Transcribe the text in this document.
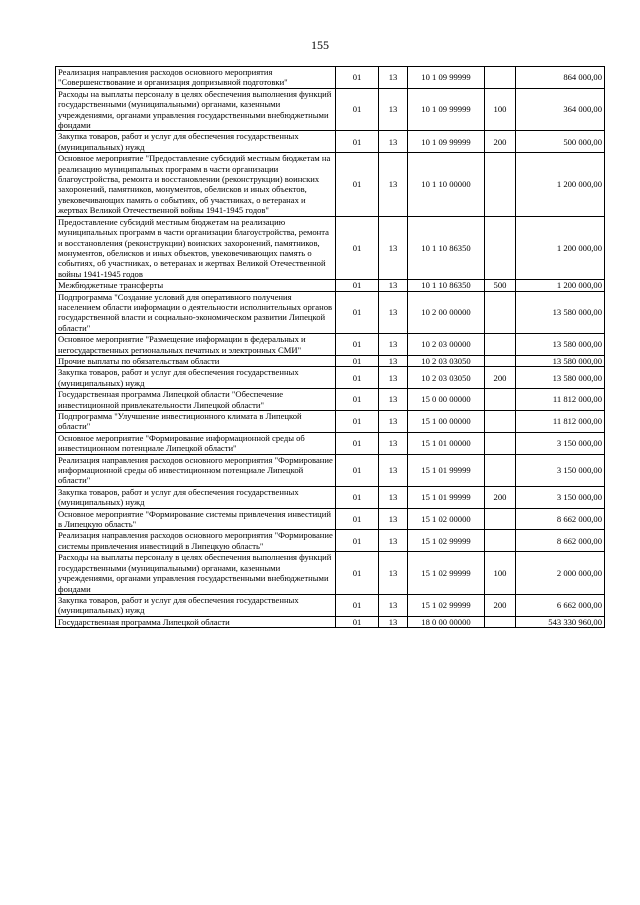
155
Реализация направления расходов основного мероприятия "Совершенствование и организация допризывной подготовки"	01	13	10 1 09 99999		864 000,00
Расходы на выплаты персоналу в целях обеспечения выполнения функций государственными (муниципальными) органами, казенными учреждениями, органами управления государственными внебюджетными фондами	01	13	10 1 09 99999	100	364 000,00
Закупка товаров, работ и услуг для обеспечения государственных (муниципальных) нужд	01	13	10 1 09 99999	200	500 000,00
Основное мероприятие "Предоставление субсидий местным бюджетам на реализацию муниципальных программ в части организации благоустройства, ремонта и восстановлении (реконструкции) воинских захоронений, памятников, монументов, обелисков и иных объектов, увековечивающих память о событиях, об участниках, о ветеранах и жертвах Великой Отечественной войны 1941-1945 годов"	01	13	10 1 10 00000		1 200 000,00
Предоставление субсидий местным бюджетам на реализацию муниципальных программ в части организации благоустройства, ремонта и восстановления (реконструкции) воинских захоронений, памятников, монументов, обелисков и иных объектов, увековечивающих память о событиях, об участниках, о ветеранах и жертвах Великой Отечественной войны 1941-1945 годов	01	13	10 1 10 86350		1 200 000,00
Межбюджетные трансферты	01	13	10 1 10 86350	500	1 200 000,00
Подпрограмма "Создание условий для оперативного получения населением области информации о деятельности исполнительных органов государственной власти и социально-экономическом развитии Липецкой области"	01	13	10 2 00 00000		13 580 000,00
Основное мероприятие "Размещение информации в федеральных и негосударственных региональных печатных и электронных СМИ"	01	13	10 2 03 00000		13 580 000,00
Прочие выплаты по обязательствам области	01	13	10 2 03 03050		13 580 000,00
Закупка товаров, работ и услуг для обеспечения государственных (муниципальных) нужд	01	13	10 2 03 03050	200	13 580 000,00
Государственная программа Липецкой области "Обеспечение инвестиционной привлекательности Липецкой области"	01	13	15 0 00 00000		11 812 000,00
Подпрограмма "Улучшение инвестиционного климата в Липецкой области"	01	13	15 1 00 00000		11 812 000,00
Основное мероприятие "Формирование информационной среды об инвестиционном потенциале Липецкой области"	01	13	15 1 01 00000		3 150 000,00
Реализация направления расходов основного мероприятия "Формирование информационной среды об инвестиционном потенциале Липецкой области"	01	13	15 1 01 99999		3 150 000,00
Закупка товаров, работ и услуг для обеспечения государственных (муниципальных) нужд	01	13	15 1 01 99999	200	3 150 000,00
Основное мероприятие "Формирование системы привлечения инвестиций в Липецкую область"	01	13	15 1 02 00000		8 662 000,00
Реализация направления расходов основного мероприятия "Формирование системы привлечения инвестиций в Липецкую область"	01	13	15 1 02 99999		8 662 000,00
Расходы на выплаты персоналу в целях обеспечения выполнения функций государственными (муниципальными) органами, казенными учреждениями, органами управления государственными внебюджетными фондами	01	13	15 1 02 99999	100	2 000 000,00
Закупка товаров, работ и услуг для обеспечения государственных (муниципальных) нужд	01	13	15 1 02 99999	200	6 662 000,00
Государственная программа Липецкой области	01	13	18 0 00 00000		543 330 960,00
